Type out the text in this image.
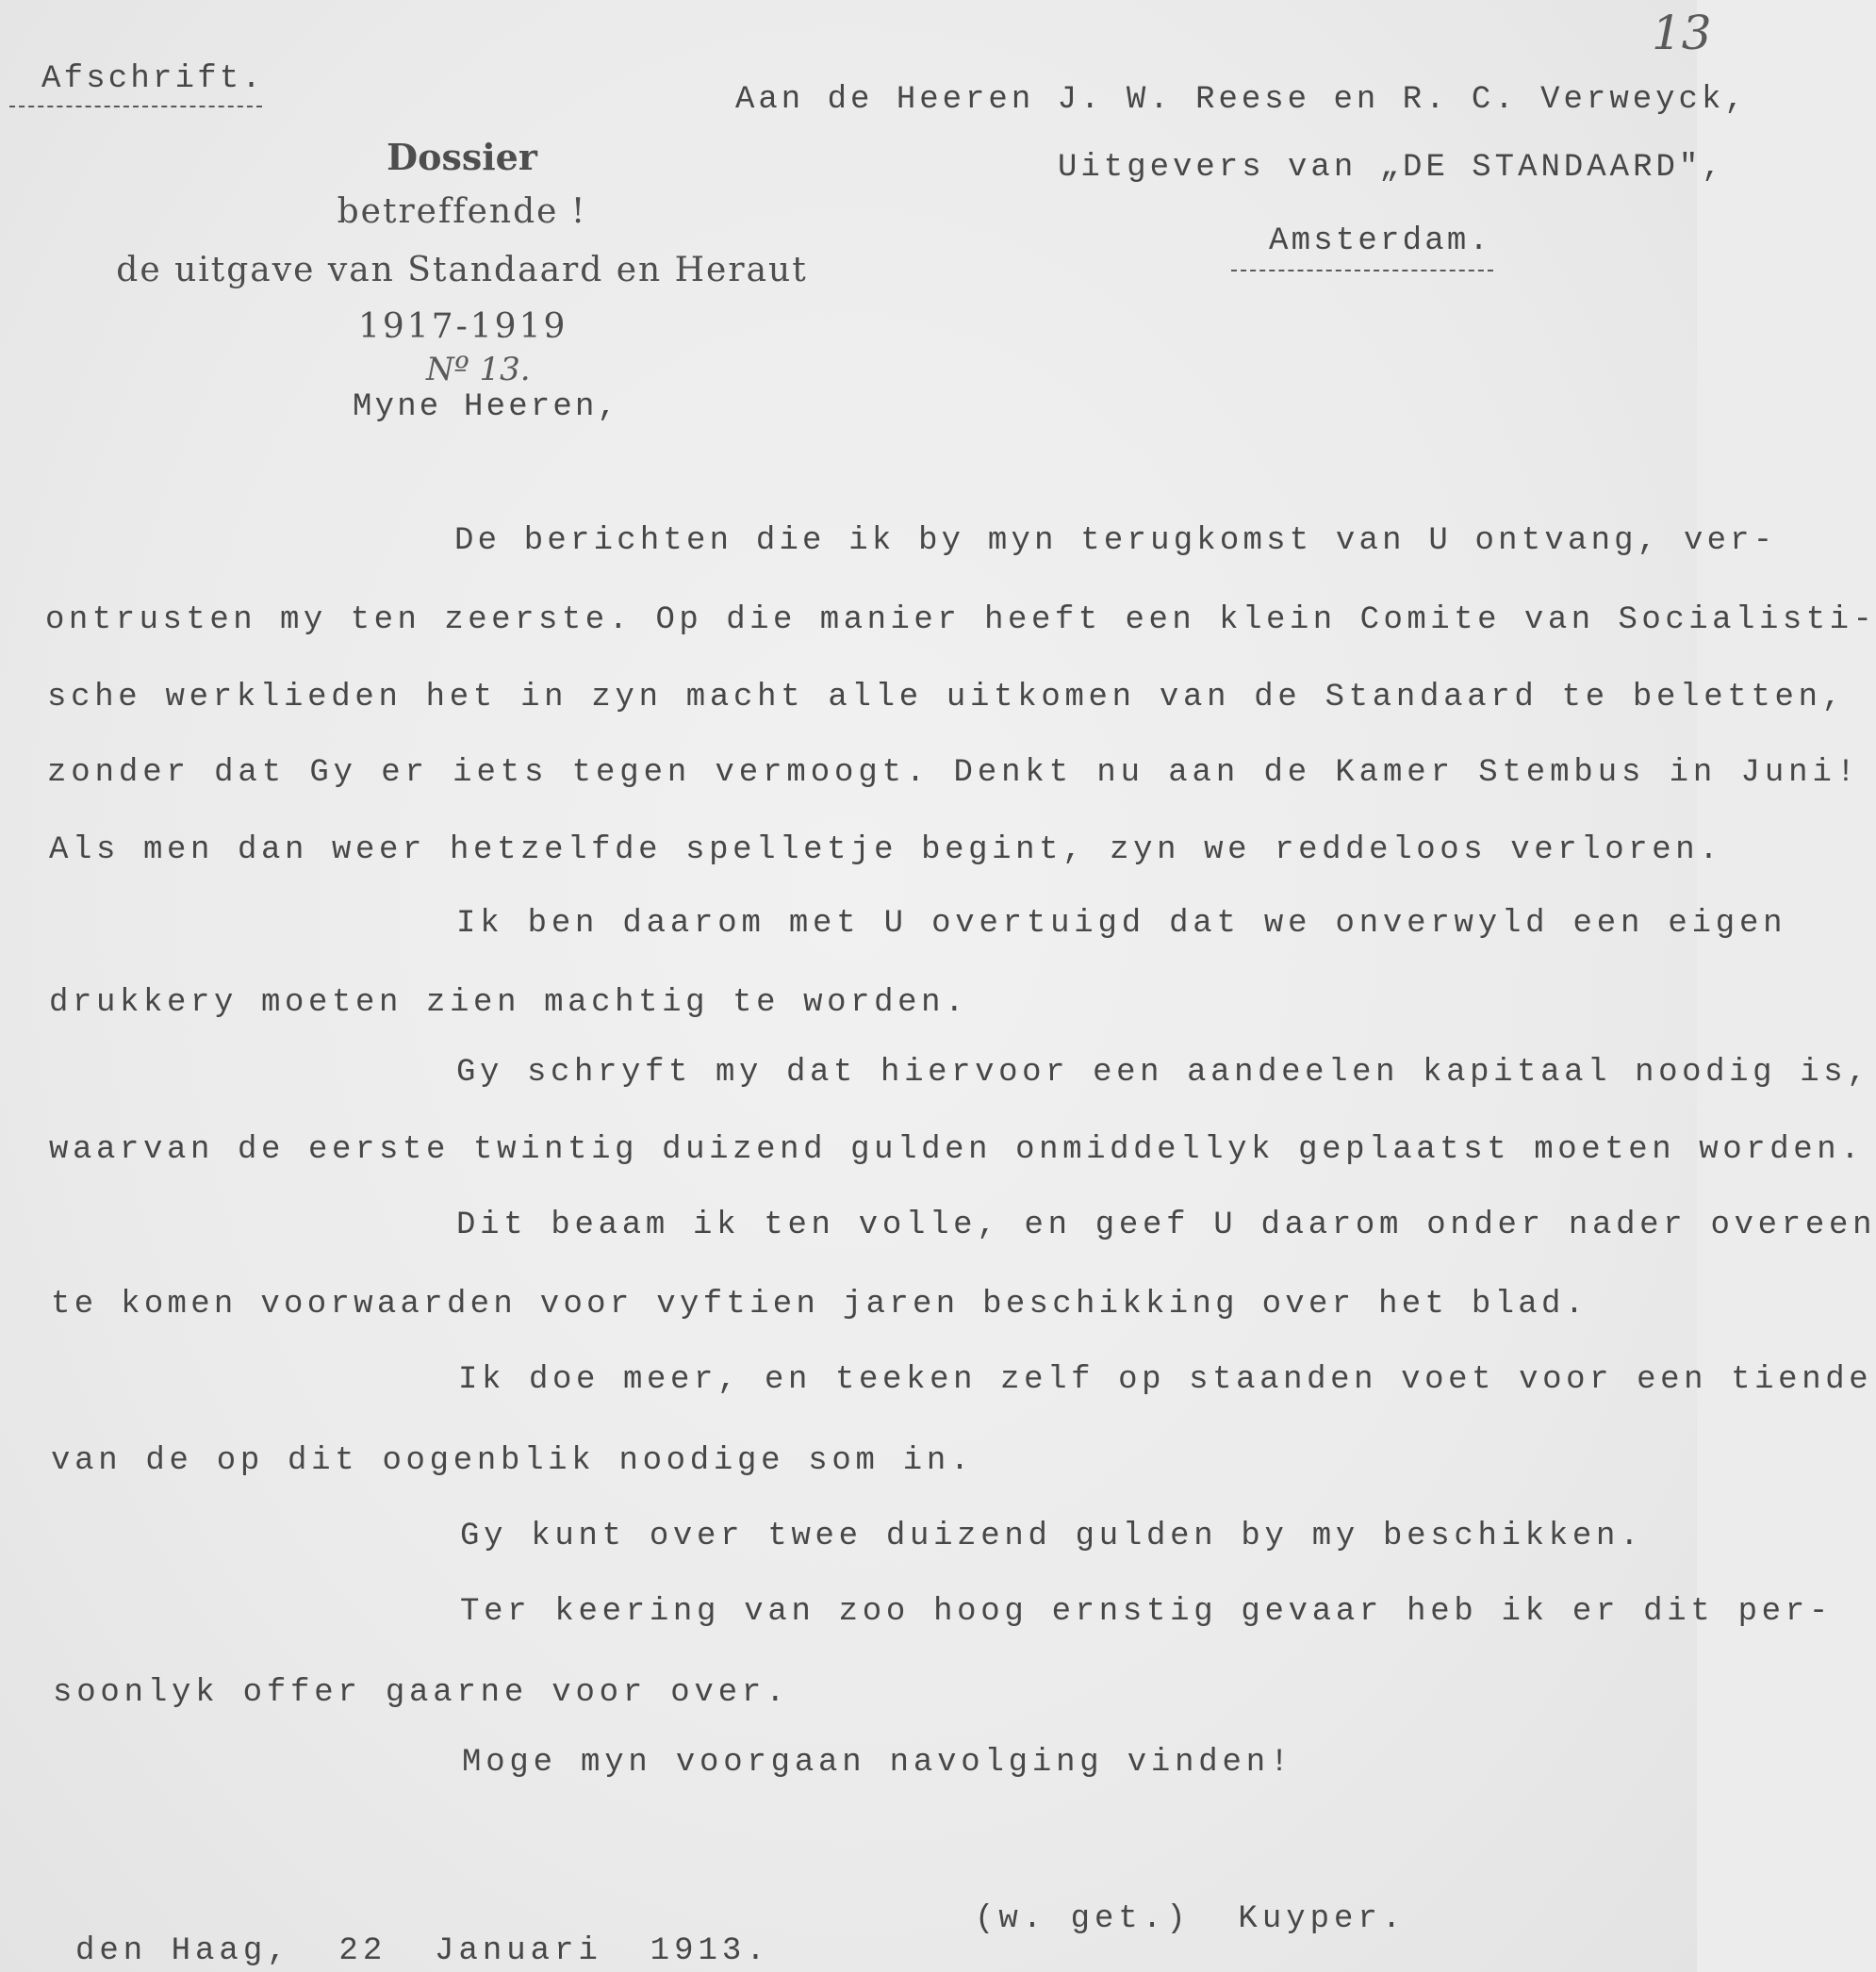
13
Afschrift.
Aan de Heeren J. W. Reese en R. C. Verweyck,
Uitgevers van „DE STANDAARD",
Amsterdam.
Dossier
betreffende !
de uitgave van Standaard en Heraut
1917-1919
Nº 13.
Myne Heeren,
De berichten die ik by myn terugkomst van U ontvang, ver-
ontrusten my ten zeerste. Op die manier heeft een klein Comite van Socialisti-
sche werklieden het in zyn macht alle uitkomen van de Standaard te beletten,
zonder dat Gy er iets tegen vermoogt. Denkt nu aan de Kamer Stembus in Juni!
Als men dan weer hetzelfde spelletje begint, zyn we reddeloos verloren.
Ik ben daarom met U overtuigd dat we onverwyld een eigen
drukkery moeten zien machtig te worden.
Gy schryft my dat hiervoor een aandeelen kapitaal noodig is,
waarvan de eerste twintig duizend gulden onmiddellyk geplaatst moeten worden.
Dit beaam ik ten volle, en geef U daarom onder nader overeen
te komen voorwaarden voor vyftien jaren beschikking over het blad.
Ik doe meer, en teeken zelf op staanden voet voor een tiende
van de op dit oogenblik noodige som in.
Gy kunt over twee duizend gulden by my beschikken.
Ter keering van zoo hoog ernstig gevaar heb ik er dit per-
soonlyk offer gaarne voor over.
Moge myn voorgaan navolging vinden!
(w. get.)  Kuyper.
den Haag,  22  Januari  1913.
